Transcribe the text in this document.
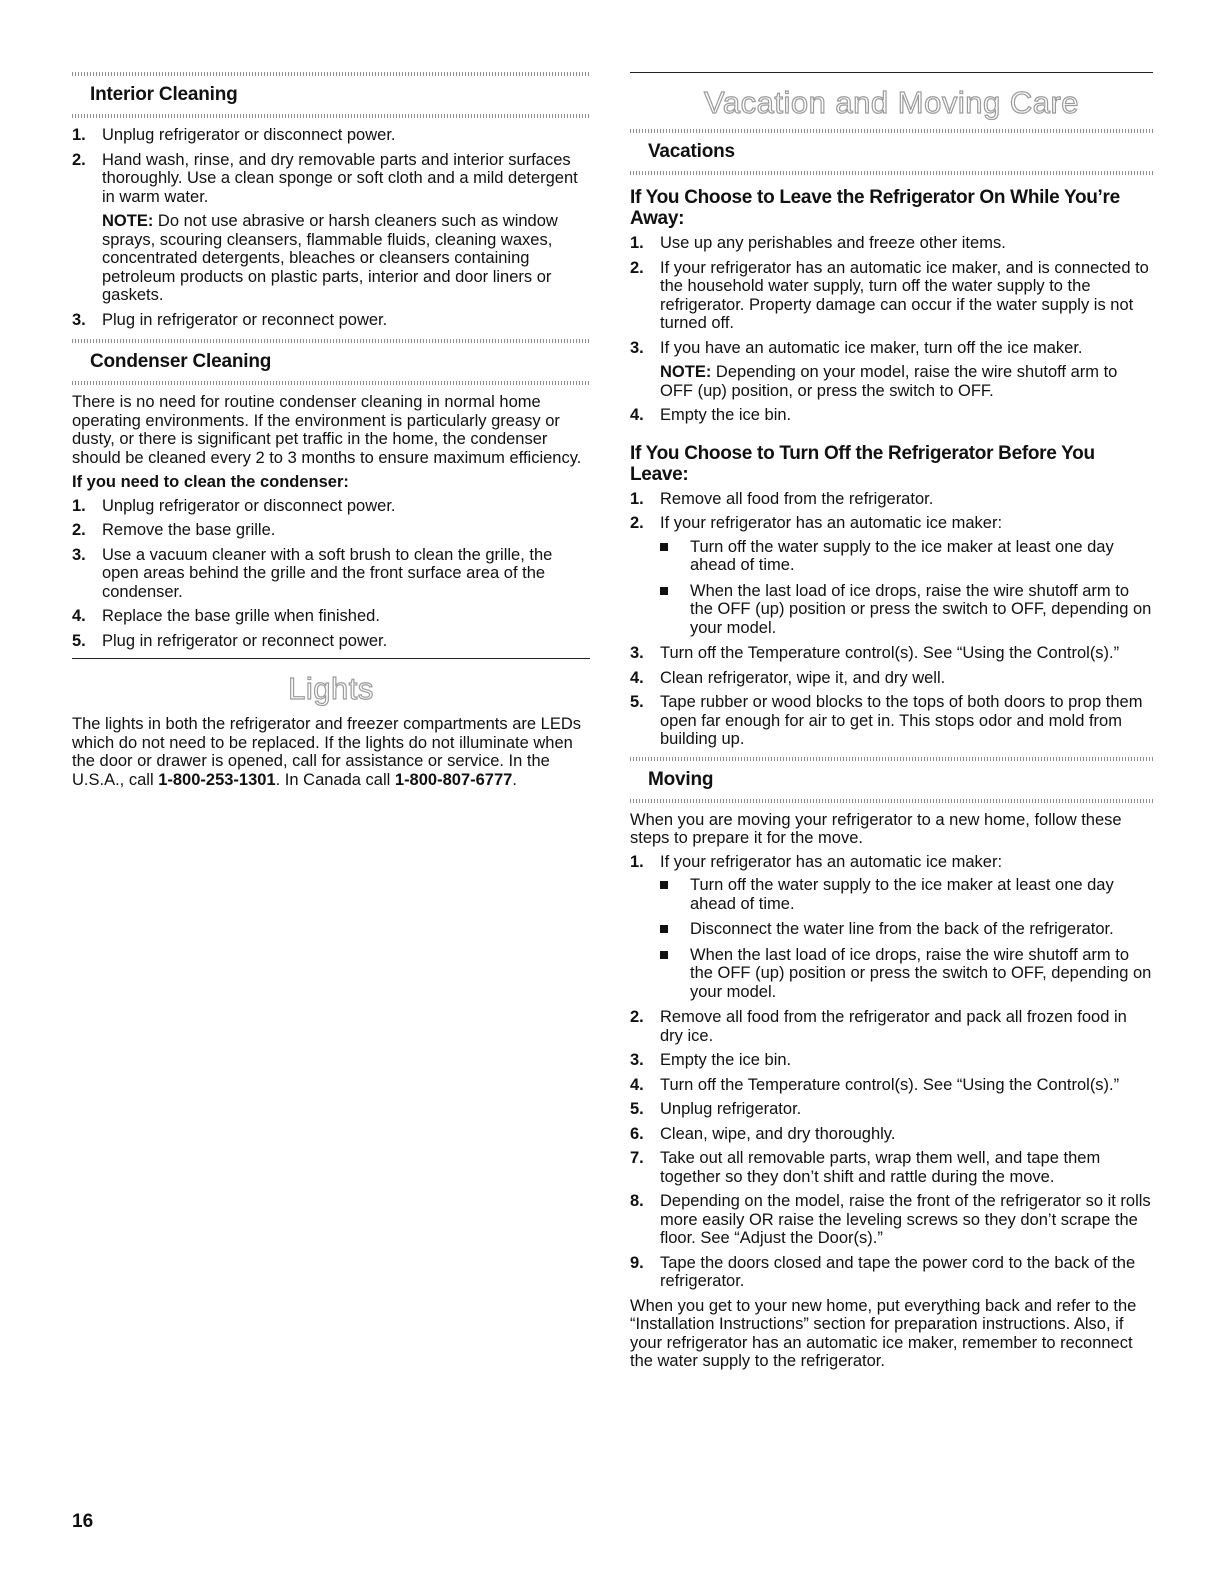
Interior Cleaning
1. Unplug refrigerator or disconnect power.
2. Hand wash, rinse, and dry removable parts and interior surfaces thoroughly. Use a clean sponge or soft cloth and a mild detergent in warm water.

NOTE: Do not use abrasive or harsh cleaners such as window sprays, scouring cleansers, flammable fluids, cleaning waxes, concentrated detergents, bleaches or cleansers containing petroleum products on plastic parts, interior and door liners or gaskets.

3. Plug in refrigerator or reconnect power.
Condenser Cleaning

There is no need for routine condenser cleaning in normal home operating environments. If the environment is particularly greasy or dusty, or there is significant pet traffic in the home, the condenser should be cleaned every 2 to 3 months to ensure maximum efficiency.

If you need to clean the condenser:
1. Unplug refrigerator or disconnect power.
2. Remove the base grille.
3. Use a vacuum cleaner with a soft brush to clean the grille, the open areas behind the grille and the front surface area of the condenser.
4. Replace the base grille when finished.
5. Plug in refrigerator or reconnect power.
Lights

The lights in both the refrigerator and freezer compartments are LEDs which do not need to be replaced. If the lights do not illuminate when the door or drawer is opened, call for assistance or service. In the U.S.A., call 1-800-253-1301. In Canada call 1-800-807-6777.

Vacation and Moving Care
Vacations
If You Choose to Leave the Refrigerator On While You’re Away:
1. Use up any perishables and freeze other items.
2. If your refrigerator has an automatic ice maker, and is connected to the household water supply, turn off the water supply to the refrigerator. Property damage can occur if the water supply is not turned off.
3. If you have an automatic ice maker, turn off the ice maker.

NOTE: Depending on your model, raise the wire shutoff arm to OFF (up) position, or press the switch to OFF.

4. Empty the ice bin.
If You Choose to Turn Off the Refrigerator Before You Leave:
1. Remove all food from the refrigerator.
2. If your refrigerator has an automatic ice maker:
Turn off the water supply to the ice maker at least one day ahead of time.
When the last load of ice drops, raise the wire shutoff arm to the OFF (up) position or press the switch to OFF, depending on your model.
3. Turn off the Temperature control(s). See “Using the Control(s).”
4. Clean refrigerator, wipe it, and dry well.
5. Tape rubber or wood blocks to the tops of both doors to prop them open far enough for air to get in. This stops odor and mold from building up.
Moving

When you are moving your refrigerator to a new home, follow these steps to prepare it for the move.

1. If your refrigerator has an automatic ice maker:
Turn off the water supply to the ice maker at least one day ahead of time.
Disconnect the water line from the back of the refrigerator.
When the last load of ice drops, raise the wire shutoff arm to the OFF (up) position or press the switch to OFF, depending on your model.
2. Remove all food from the refrigerator and pack all frozen food in dry ice.
3. Empty the ice bin.
4. Turn off the Temperature control(s). See “Using the Control(s).”
5. Unplug refrigerator.
6. Clean, wipe, and dry thoroughly.
7. Take out all removable parts, wrap them well, and tape them together so they don’t shift and rattle during the move.
8. Depending on the model, raise the front of the refrigerator so it rolls more easily OR raise the leveling screws so they don’t scrape the floor. See “Adjust the Door(s).”
9. Tape the doors closed and tape the power cord to the back of the refrigerator.

When you get to your new home, put everything back and refer to the “Installation Instructions” section for preparation instructions. Also, if your refrigerator has an automatic ice maker, remember to reconnect the water supply to the refrigerator.

16
